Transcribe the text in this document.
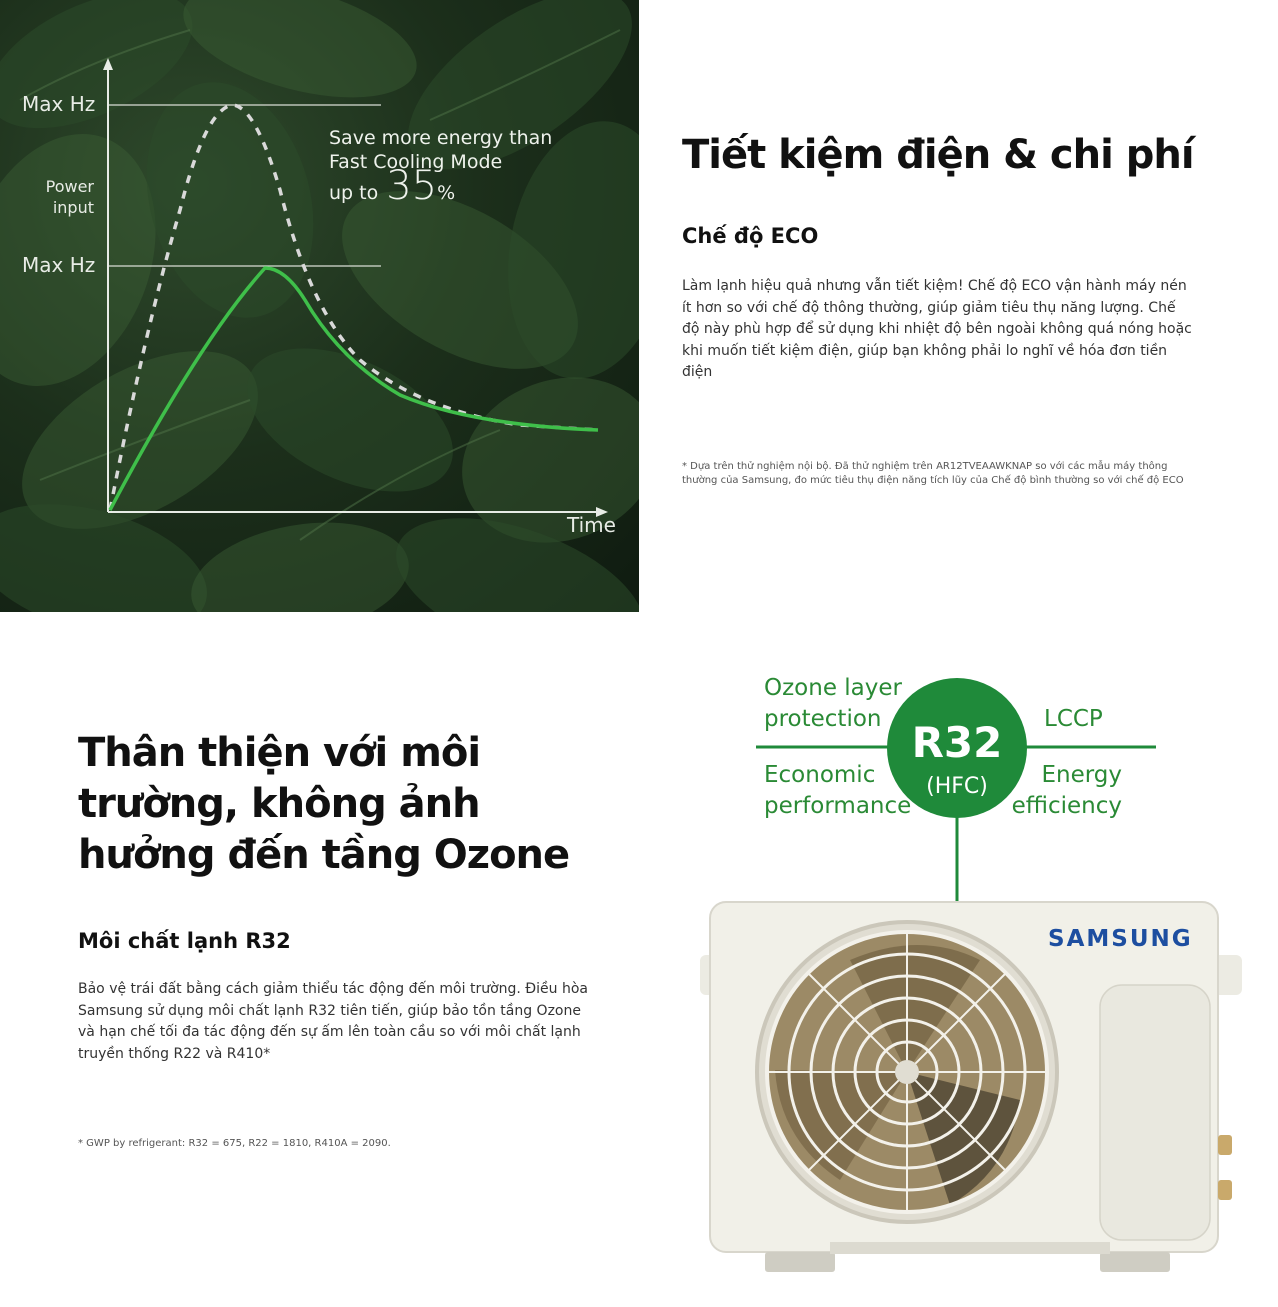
Max Hz
Power
input
Max Hz
Time
Save more energy than
Fast Cooling Mode
up to 35%
Tiết kiệm điện & chi phí
Chế độ ECO

Làm lạnh hiệu quả nhưng vẫn tiết kiệm! Chế độ ECO vận hành máy nén ít hơn so với chế độ thông thường, giúp giảm tiêu thụ năng lượng. Chế độ này phù hợp để sử dụng khi nhiệt độ bên ngoài không quá nóng hoặc khi muốn tiết kiệm điện, giúp bạn không phải lo nghĩ về hóa đơn tiền điện

* Dựa trên thử nghiệm nội bộ. Đã thử nghiệm trên AR12TVEAAWKNAP so với các mẫu máy thông thường của Samsung, đo mức tiêu thụ điện năng tích lũy của Chế độ bình thường so với chế độ ECO

Thân thiện với môi trường, không ảnh hưởng đến tầng Ozone
Môi chất lạnh R32

Bảo vệ trái đất bằng cách giảm thiểu tác động đến môi trường. Điều hòa Samsung sử dụng môi chất lạnh R32 tiên tiến, giúp bảo tồn tầng Ozone và hạn chế tối đa tác động đến sự ấm lên toàn cầu so với môi chất lạnh truyền thống R22 và R410*

* GWP by refrigerant: R32 = 675, R22 = 1810, R410A = 2090.

Ozone layer
protection	LCCP
Economic
performance
Energy
efficiency
R32
(HFC)
SAMSUNG
